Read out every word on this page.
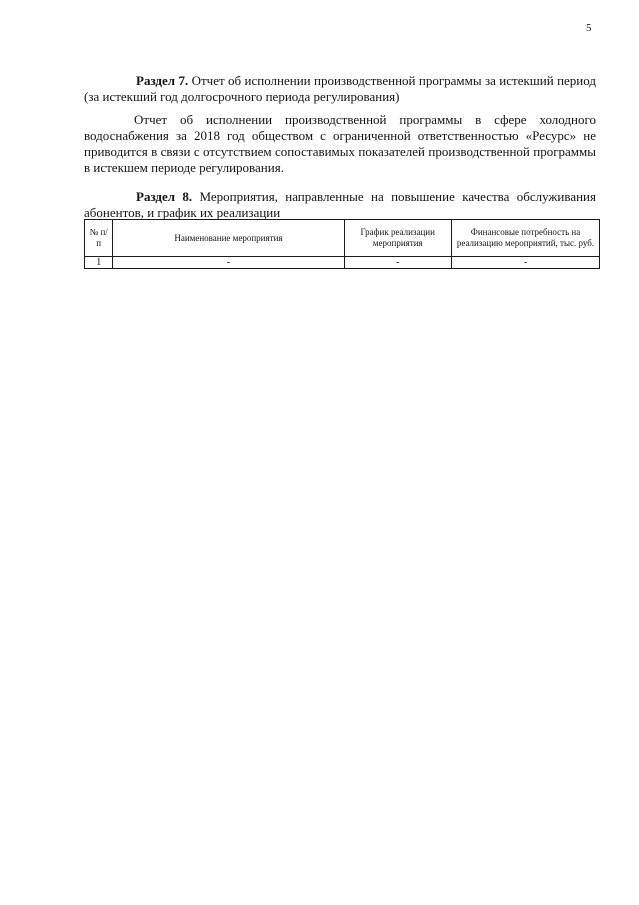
5

Раздел 7. Отчет об исполнении производственной программы за истекший период (за истекший год долгосрочного периода регулирования)

Отчет об исполнении производственной программы в сфере холодного водоснабжения за 2018 год обществом с ограниченной ответственностью «Ресурс» не приводится в связи с отсутствием сопоставимых показателей производственной программы в истекшем периоде регулирования.

Раздел 8. Мероприятия, направленные на повышение качества обслуживания абонентов, и график их реализации

№ п/п	Наименование мероприятия	График реализации мероприятия	Финансовые потребность на реализацию мероприятий, тыс. руб.
1	-	-	-
